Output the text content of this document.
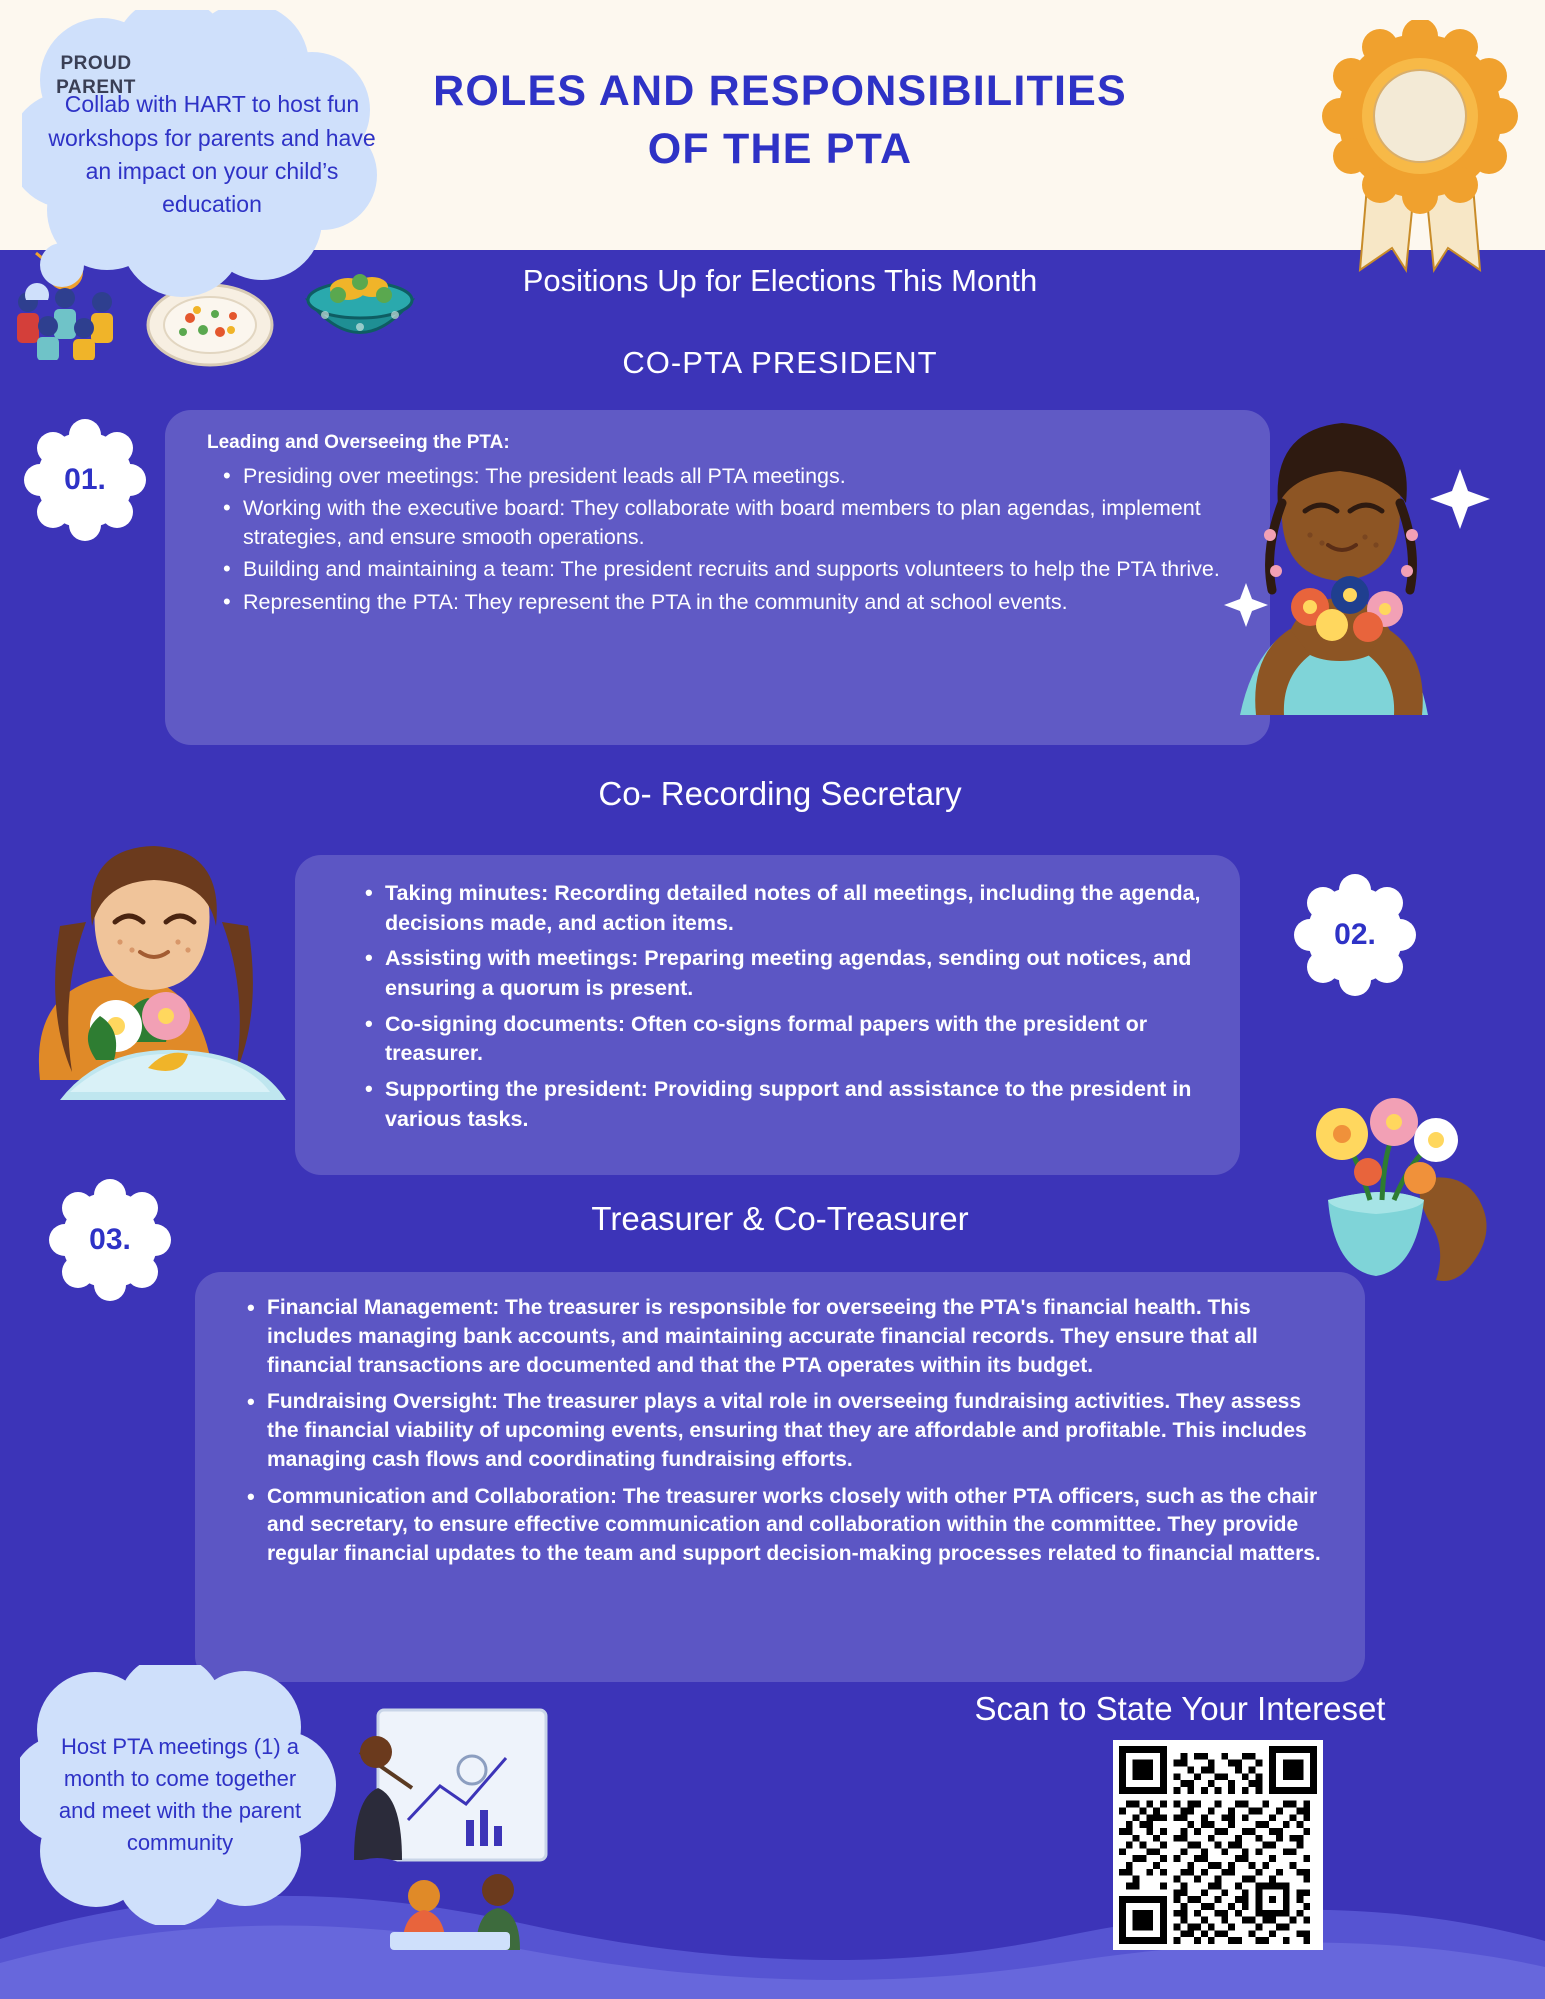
ROLES AND RESPONSIBILITIES
OF THE PTA
Positions Up for Elections This Month
PROUD
PARENT
Collab with HART to host fun workshops for parents and have an impact on your child’s education
CO-PTA PRESIDENT
Leading and Overseeing the PTA:
• Presiding over meetings: The president leads all PTA meetings.
• Working with the executive board: They collaborate with board members to plan agendas, implement strategies, and ensure smooth operations.
• Building and maintaining a team: The president recruits and supports volunteers to help the PTA thrive.
• Representing the PTA: They represent the PTA in the community and at school events.
01.
Co- Recording Secretary
• Taking minutes: Recording detailed notes of all meetings, including the agenda, decisions made, and action items.
• Assisting with meetings: Preparing meeting agendas, sending out notices, and ensuring a quorum is present.
• Co-signing documents: Often co-signs formal papers with the president or treasurer.
• Supporting the president: Providing support and assistance to the president in various tasks.
02.
Treasurer & Co-Treasurer
• Financial Management: The treasurer is responsible for overseeing the PTA's financial health. This includes managing bank accounts, and maintaining accurate financial records. They ensure that all financial transactions are documented and that the PTA operates within its budget.
• Fundraising Oversight: The treasurer plays a vital role in overseeing fundraising activities. They assess the financial viability of upcoming events, ensuring that they are affordable and profitable. This includes managing cash flows and coordinating fundraising efforts.
• Communication and Collaboration: The treasurer works closely with other PTA officers, such as the chair and secretary, to ensure effective communication and collaboration within the committee. They provide regular financial updates to the team and support decision-making processes related to financial matters.
03.
Host PTA meetings (1) a month to come together and meet with the parent community
Scan to State Your Intereset
